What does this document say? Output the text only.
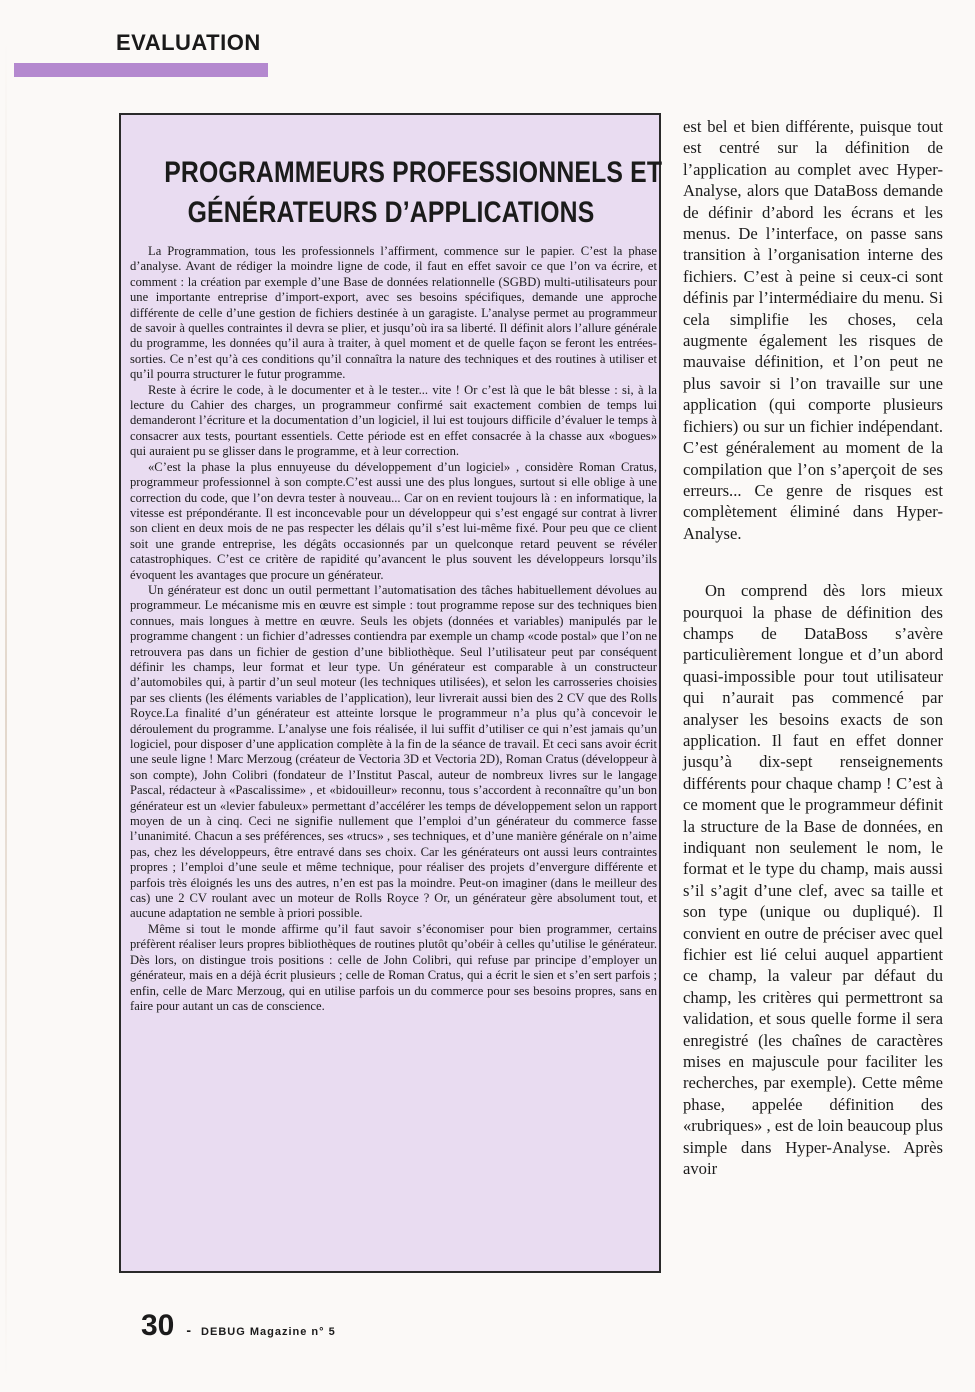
EVALUATION
PROGRAMMEURS PROFESSIONNELS ET
GÉNÉRATEURS D’APPLICATIONS

La Programmation, tous les professionnels l’affirment, commence sur le papier. C’est la phase d’analyse. Avant de rédiger la moindre ligne de code, il faut en effet savoir ce que l’on va écrire, et comment : la création par exemple d’une Base de données relationnelle (SGBD) multi-utilisateurs pour une importante entreprise d’import-export, avec ses besoins spécifiques, demande une approche différente de celle d’une gestion de fichiers destinée à un garagiste. L’analyse permet au programmeur de savoir à quelles contraintes il devra se plier, et jusqu’où ira sa liberté. Il définit alors l’allure générale du programme, les données qu’il aura à traiter, à quel moment et de quelle façon se feront les entrées-sorties. Ce n’est qu’à ces conditions qu’il connaîtra la nature des techniques et des routines à utiliser et qu’il pourra structurer le futur programme.

Reste à écrire le code, à le documenter et à le tester... vite ! Or c’est là que le bât blesse : si, à la lecture du Cahier des charges, un programmeur confirmé sait exactement combien de temps lui demanderont l’écriture et la documentation d’un logiciel, il lui est toujours difficile d’évaluer le temps à consacrer aux tests, pourtant essentiels. Cette période est en effet consacrée à la chasse aux «bogues» qui auraient pu se glisser dans le programme, et à leur correction.

«C’est la phase la plus ennuyeuse du développement d’un logiciel» , considère Roman Cratus, programmeur professionnel à son compte.C’est aussi une des plus longues, surtout si elle oblige à une correction du code, que l’on devra tester à nouveau... Car on en revient toujours là : en informatique, la vitesse est prépondérante. Il est inconcevable pour un développeur qui s’est engagé sur contrat à livrer son client en deux mois de ne pas respecter les délais qu’il s’est lui-même fixé. Pour peu que ce client soit une grande entreprise, les dégâts occasionnés par un quelconque retard peuvent se révéler catastrophiques. C’est ce critère de rapidité qu’avancent le plus souvent les développeurs lorsqu’ils évoquent les avantages que procure un générateur.

Un générateur est donc un outil permettant l’automatisation des tâches habituellement dévolues au programmeur. Le mécanisme mis en œuvre est simple : tout programme repose sur des techniques bien connues, mais longues à mettre en œuvre. Seuls les objets (données et variables) manipulés par le programme changent : un fichier d’adresses contiendra par exemple un champ «code postal» que l’on ne retrouvera pas dans un fichier de gestion d’une bibliothèque. Seul l’utilisateur peut par conséquent définir les champs, leur format et leur type. Un générateur est comparable à un constructeur d’automobiles qui, à partir d’un seul moteur (les techniques utilisées), et selon les carrosseries choisies par ses clients (les éléments variables de l’application), leur livrerait aussi bien des 2 CV que des Rolls Royce.La finalité d’un générateur est atteinte lorsque le programmeur n’a plus qu’à concevoir le déroulement du programme. L’analyse une fois réalisée, il lui suffit d’utiliser ce qui n’est jamais qu’un logiciel, pour disposer d’une application complète à la fin de la séance de travail. Et ceci sans avoir écrit une seule ligne ! Marc Merzoug (créateur de Vectoria 3D et Vectoria 2D), Roman Cratus (développeur à son compte), John Colibri (fondateur de l’Institut Pascal, auteur de nombreux livres sur le langage Pascal, rédacteur à «Pascalissime» , et «bidouilleur» reconnu, tous s’accordent à reconnaître qu’un bon générateur est un «levier fabuleux» permettant d’accélérer les temps de développement selon un rapport moyen de un à cinq. Ceci ne signifie nullement que l’emploi d’un générateur du commerce fasse l’unanimité. Chacun a ses préférences, ses «trucs» , ses techniques, et d’une manière générale on n’aime pas, chez les développeurs, être entravé dans ses choix. Car les générateurs ont aussi leurs contraintes propres ; l’emploi d’une seule et même technique, pour réaliser des projets d’envergure différente et parfois très éloignés les uns des autres, n’en est pas la moindre. Peut-on imaginer (dans le meilleur des cas) une 2 CV roulant avec un moteur de Rolls Royce ? Or, un générateur gère absolument tout, et aucune adaptation ne semble à priori possible.

Même si tout le monde affirme qu’il faut savoir s’économiser pour bien programmer, certains préfèrent réaliser leurs propres bibliothèques de routines plutôt qu’obéir à celles qu’utilise le générateur. Dès lors, on distingue trois positions : celle de John Colibri, qui refuse par principe d’employer un générateur, mais en a déjà écrit plusieurs ; celle de Roman Cratus, qui a écrit le sien et s’en sert parfois ; enfin, celle de Marc Merzoug, qui en utilise parfois un du commerce pour ses besoins propres, sans en faire pour autant un cas de conscience.

est bel et bien différente, puisque tout est centré sur la définition de l’application au complet avec Hyper-Analyse, alors que DataBoss demande de définir d’abord les écrans et les menus. De l’interface, on passe sans transition à l’organisation interne des fichiers. C’est à peine si ceux-ci sont définis par l’intermédiaire du menu. Si cela simplifie les choses, cela augmente également les risques de mauvaise définition, et l’on peut ne plus savoir si l’on travaille sur une application (qui comporte plusieurs fichiers) ou sur un fichier indépendant. C’est généralement au moment de la compilation que l’on s’aperçoit de ses erreurs... Ce genre de risques est complètement éliminé dans Hyper-Analyse.

On comprend dès lors mieux pourquoi la phase de définition des champs de DataBoss s’avère particulièrement longue et d’un abord quasi-impossible pour tout utilisateur qui n’aurait pas commencé par analyser les besoins exacts de son application. Il faut en effet donner jusqu’à dix-sept renseignements différents pour chaque champ ! C’est à ce moment que le programmeur définit la structure de la Base de données, en indiquant non seulement le nom, le format et le type du champ, mais aussi s’il s’agit d’une clef, avec sa taille et son type (unique ou dupliqué). Il convient en outre de préciser avec quel fichier est lié celui auquel appartient ce champ, la valeur par défaut du champ, les critères qui permettront sa validation, et sous quelle forme il sera enregistré (les chaînes de caractères mises en majuscule pour faciliter les recherches, par exemple). Cette même phase, appelée définition des «rubriques» , est de loin beaucoup plus simple dans Hyper-Analyse. Après avoir

30 - DEBUG Magazine n° 5
